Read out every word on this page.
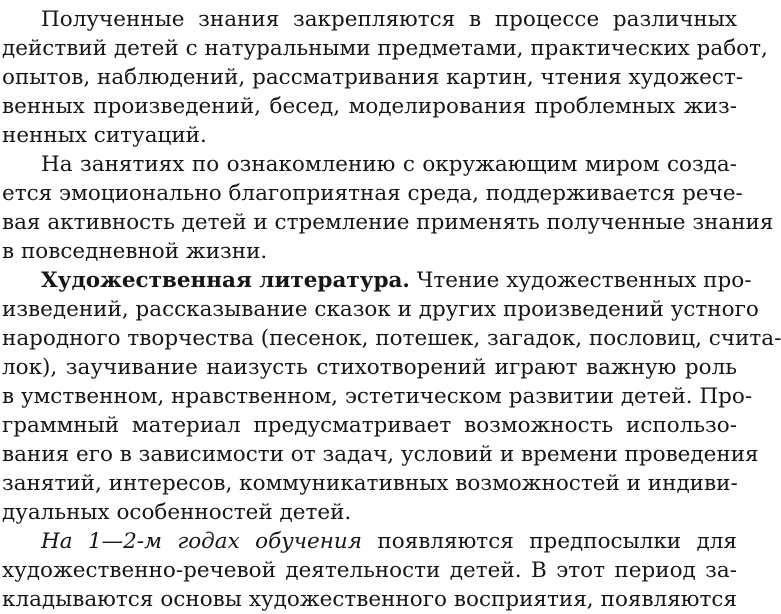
Полученные знания закрепляются в процессе различных
действий детей с натуральными предметами, практических работ,
опытов, наблюдений, рассматривания картин, чтения художест-
венных произведений, бесед, моделирования проблемных жиз-
ненных ситуаций.
На занятиях по ознакомлению с окружающим миром созда-
ется эмоционально благоприятная среда, поддерживается рече-
вая активность детей и стремление применять полученные знания
в повседневной жизни.
Художественная литература. Чтение художественных про-
изведений, рассказывание сказок и других произведений устного
народного творчества (песенок, потешек, загадок, пословиц, счита-
лок), заучивание наизусть стихотворений играют важную роль
в умственном, нравственном, эстетическом развитии детей. Про-
граммный материал предусматривает возможность использо-
вания его в зависимости от задач, условий и времени проведения
занятий, интересов, коммуникативных возможностей и индиви-
дуальных особенностей детей.
На 1—2-м годах обучения появляются предпосылки для
художественно-речевой деятельности детей. В этот период за-
кладываются основы художественного восприятия, появляются
